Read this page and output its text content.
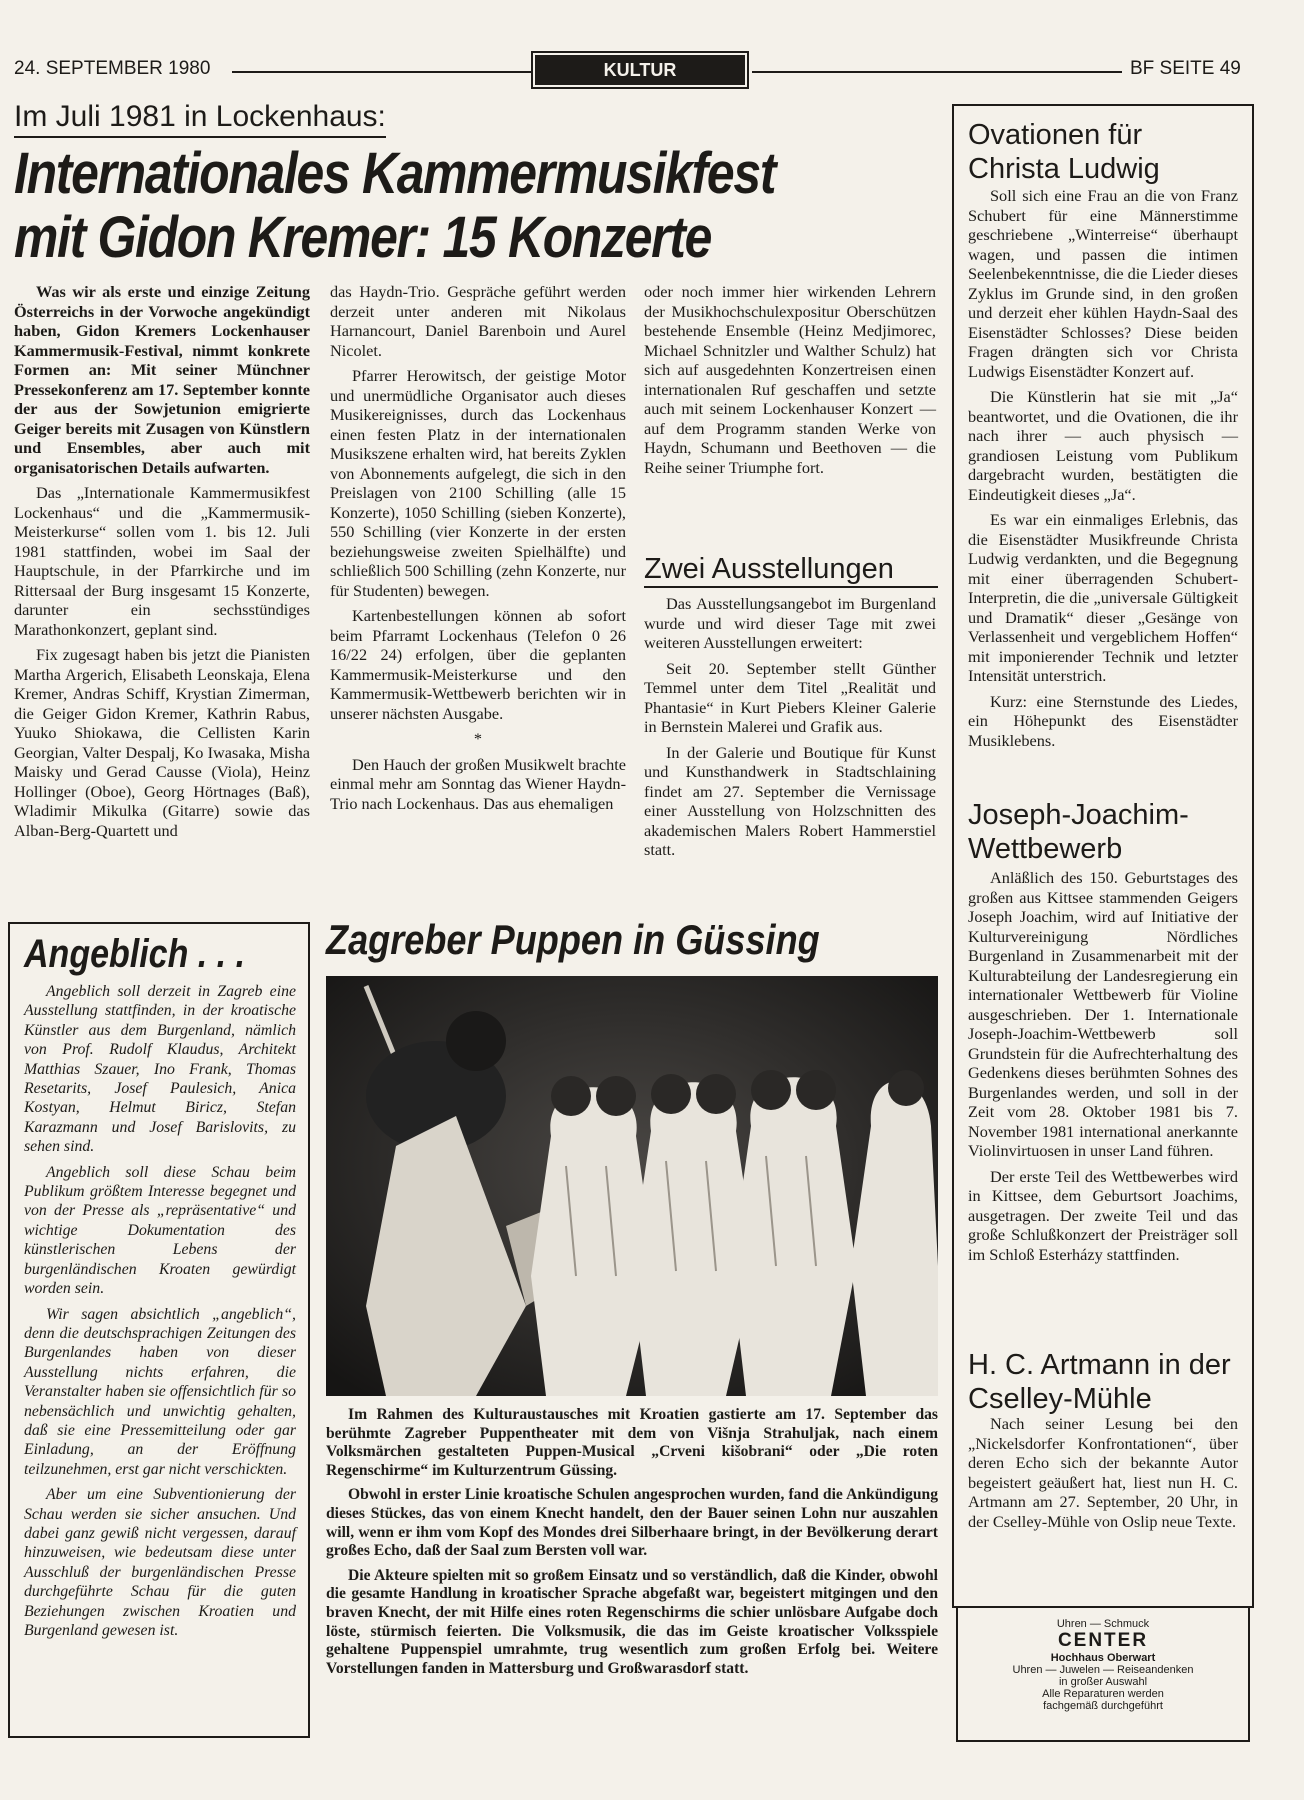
24. SEPTEMBER 1980	KULTUR	BF SEITE 49
Im Juli 1981 in Lockenhaus:
Internationales Kammermusikfest
mit Gidon Kremer: 15 Konzerte

Was wir als erste und einzige Zeitung Österreichs in der Vorwoche angekündigt haben, Gidon Kremers Lockenhauser Kammermusik-Festival, nimmt konkrete Formen an: Mit seiner Münchner Pressekonferenz am 17. September konnte der aus der Sowjetunion emigrierte Geiger bereits mit Zusagen von Künstlern und Ensembles, aber auch mit organisatorischen Details aufwarten.

Das „Internationale Kammermusikfest Lockenhaus“ und die „Kammermusik-Meisterkurse“ sollen vom 1. bis 12. Juli 1981 stattfinden, wobei im Saal der Hauptschule, in der Pfarrkirche und im Rittersaal der Burg insgesamt 15 Konzerte, darunter ein sechsstündiges Marathonkonzert, geplant sind.

Fix zugesagt haben bis jetzt die Pianisten Martha Argerich, Elisabeth Leonskaja, Elena Kremer, Andras Schiff, Krystian Zimerman, die Geiger Gidon Kremer, Kathrin Rabus, Yuuko Shiokawa, die Cellisten Karin Georgian, Valter Despalj, Ko Iwasaka, Misha Maisky und Gerad Causse (Viola), Heinz Hollinger (Oboe), Georg Hörtnages (Baß), Wladimir Mikulka (Gitarre) sowie das Alban-Berg-Quartett und

das Haydn-Trio. Gespräche geführt werden derzeit unter anderen mit Nikolaus Harnancourt, Daniel Barenboin und Aurel Nicolet.

Pfarrer Herowitsch, der geistige Motor und unermüdliche Organisator auch dieses Musikereignisses, durch das Lockenhaus einen festen Platz in der internationalen Musikszene erhalten wird, hat bereits Zyklen von Abonnements aufgelegt, die sich in den Preislagen von 2100 Schilling (alle 15 Konzerte), 1050 Schilling (sieben Konzerte), 550 Schilling (vier Konzerte in der ersten beziehungsweise zweiten Spielhälfte) und schließlich 500 Schilling (zehn Konzerte, nur für Studenten) bewegen.

Kartenbestellungen können ab sofort beim Pfarramt Lockenhaus (Telefon 0 26 16/22 24) erfolgen, über die geplanten Kammermusik-Meisterkurse und den Kammermusik-Wettbewerb berichten wir in unserer nächsten Ausgabe.

*

Den Hauch der großen Musikwelt brachte einmal mehr am Sonntag das Wiener Haydn-Trio nach Lockenhaus. Das aus ehemaligen

oder noch immer hier wirkenden Lehrern der Musikhochschulexpositur Oberschützen bestehende Ensemble (Heinz Medjimorec, Michael Schnitzler und Walther Schulz) hat sich auf ausgedehnten Konzertreisen einen internationalen Ruf geschaffen und setzte auch mit seinem Lockenhauser Konzert — auf dem Programm standen Werke von Haydn, Schumann und Beethoven — die Reihe seiner Triumphe fort.

Zwei Ausstellungen

Das Ausstellungsangebot im Burgenland wurde und wird dieser Tage mit zwei weiteren Ausstellungen erweitert:

Seit 20. September stellt Günther Temmel unter dem Titel „Realität und Phantasie“ in Kurt Piebers Kleiner Galerie in Bernstein Malerei und Grafik aus.

In der Galerie und Boutique für Kunst und Kunsthandwerk in Stadtschlaining findet am 27. September die Vernissage einer Ausstellung von Holzschnitten des akademischen Malers Robert Hammerstiel statt.

Ovationen für Christa Ludwig

Soll sich eine Frau an die von Franz Schubert für eine Männerstimme geschriebene „Winterreise“ überhaupt wagen, und passen die intimen Seelenbekenntnisse, die die Lieder dieses Zyklus im Grunde sind, in den großen und derzeit eher kühlen Haydn-Saal des Eisenstädter Schlosses? Diese beiden Fragen drängten sich vor Christa Ludwigs Eisenstädter Konzert auf.

Die Künstlerin hat sie mit „Ja“ beantwortet, und die Ovationen, die ihr nach ihrer — auch physisch — grandiosen Leistung vom Publikum dargebracht wurden, bestätigten die Eindeutigkeit dieses „Ja“.

Es war ein einmaliges Erlebnis, das die Eisenstädter Musikfreunde Christa Ludwig verdankten, und die Begegnung mit einer überragenden Schubert-Interpretin, die die „universale Gültigkeit und Dramatik“ dieser „Gesänge von Verlassenheit und vergeblichem Hoffen“ mit imponierender Technik und letzter Intensität unterstrich.

Kurz: eine Sternstunde des Liedes, ein Höhepunkt des Eisenstädter Musiklebens.

Joseph-Joachim-Wettbewerb

Anläßlich des 150. Geburtstages des großen aus Kittsee stammenden Geigers Joseph Joachim, wird auf Initiative der Kulturvereinigung Nördliches Burgenland in Zusammenarbeit mit der Kulturabteilung der Landesregierung ein internationaler Wettbewerb für Violine ausgeschrieben. Der 1. Internationale Joseph-Joachim-Wettbewerb soll Grundstein für die Aufrechterhaltung des Gedenkens dieses berühmten Sohnes des Burgenlandes werden, und soll in der Zeit vom 28. Oktober 1981 bis 7. November 1981 international anerkannte Violinvirtuosen in unser Land führen.

Der erste Teil des Wettbewerbes wird in Kittsee, dem Geburtsort Joachims, ausgetragen. Der zweite Teil und das große Schlußkonzert der Preisträger soll im Schloß Esterházy stattfinden.

H. C. Artmann in der Cselley-Mühle

Nach seiner Lesung bei den „Nickelsdorfer Konfrontationen“, über deren Echo sich der bekannte Autor begeistert geäußert hat, liest nun H. C. Artmann am 27. September, 20 Uhr, in der Cselley-Mühle von Oslip neue Texte.

Uhren — Schmuck
CENTER
Hochhaus Oberwart
Uhren — Juwelen — Reiseandenken
in großer Auswahl
Alle Reparaturen werden
fachgemäß durchgeführt
Angeblich . . .

Angeblich soll derzeit in Zagreb eine Ausstellung stattfinden, in der kroatische Künstler aus dem Burgenland, nämlich von Prof. Rudolf Klaudus, Architekt Matthias Szauer, Ino Frank, Thomas Resetarits, Josef Paulesich, Anica Kostyan, Helmut Biricz, Stefan Karazmann und Josef Barislovits, zu sehen sind.

Angeblich soll diese Schau beim Publikum größtem Interesse begegnet und von der Presse als „repräsentative“ und wichtige Dokumentation des künstlerischen Lebens der burgenländischen Kroaten gewürdigt worden sein.

Wir sagen absichtlich „angeblich“, denn die deutschsprachigen Zeitungen des Burgenlandes haben von dieser Ausstellung nichts erfahren, die Veranstalter haben sie offensichtlich für so nebensächlich und unwichtig gehalten, daß sie eine Pressemitteilung oder gar Einladung, an der Eröffnung teilzunehmen, erst gar nicht verschickten.

Aber um eine Subventionierung der Schau werden sie sicher ansuchen. Und dabei ganz gewiß nicht vergessen, darauf hinzuweisen, wie bedeutsam diese unter Ausschluß der burgenländischen Presse durchgeführte Schau für die guten Beziehungen zwischen Kroatien und Burgenland gewesen ist.

Zagreber Puppen in Güssing

Im Rahmen des Kulturaustausches mit Kroatien gastierte am 17. September das berühmte Zagreber Puppentheater mit dem von Višnja Strahuljak, nach einem Volksmärchen gestalteten Puppen-Musical „Crveni kišobrani“ oder „Die roten Regenschirme“ im Kulturzentrum Güssing.

Obwohl in erster Linie kroatische Schulen angesprochen wurden, fand die Ankündigung dieses Stückes, das von einem Knecht handelt, den der Bauer seinen Lohn nur auszahlen will, wenn er ihm vom Kopf des Mondes drei Silberhaare bringt, in der Bevölkerung derart großes Echo, daß der Saal zum Bersten voll war.

Die Akteure spielten mit so großem Einsatz und so verständlich, daß die Kinder, obwohl die gesamte Handlung in kroatischer Sprache abgefaßt war, begeistert mitgingen und den braven Knecht, der mit Hilfe eines roten Regenschirms die schier unlösbare Aufgabe doch löste, stürmisch feierten. Die Volksmusik, die das im Geiste kroatischer Volksspiele gehaltene Puppenspiel umrahmte, trug wesentlich zum großen Erfolg bei. Weitere Vorstellungen fanden in Mattersburg und Großwarasdorf statt.
